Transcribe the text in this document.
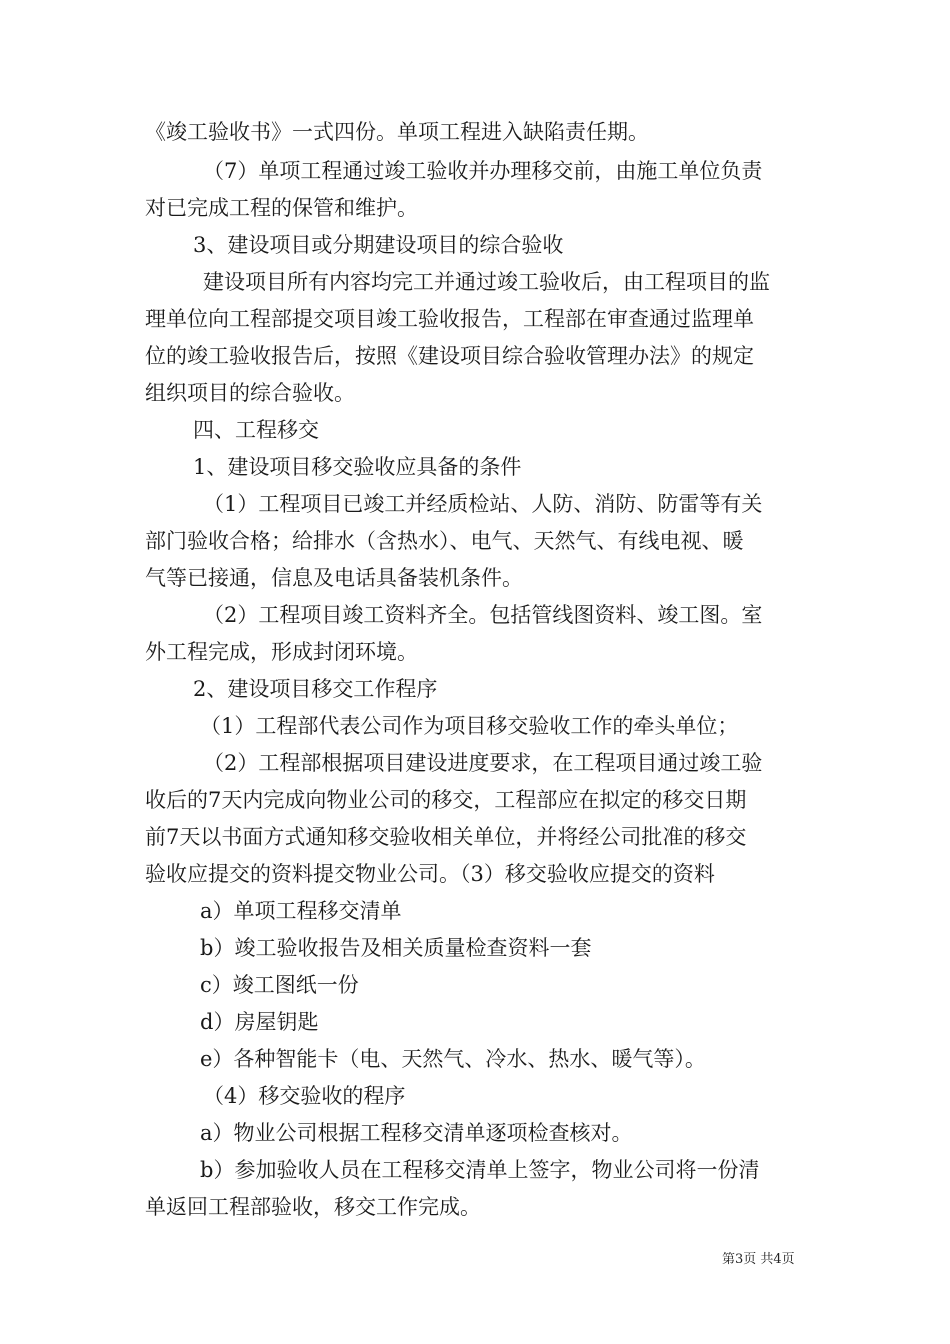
《竣工验收书》一式四份。单项工程进入缺陷责任期。
（7）单项工程通过竣工验收并办理移交前，由施工单位负责
对已完成工程的保管和维护。
3、建设项目或分期建设项目的综合验收
建设项目所有内容均完工并通过竣工验收后，由工程项目的监
理单位向工程部提交项目竣工验收报告，工程部在审查通过监理单
位的竣工验收报告后，按照《建设项目综合验收管理办法》的规定
组织项目的综合验收。
四、工程移交
1、建设项目移交验收应具备的条件
（1）工程项目已竣工并经质检站、人防、消防、防雷等有关
部门验收合格；给排水（含热水）、电气、天然气、有线电视、暖
气等已接通，信息及电话具备装机条件。
（2）工程项目竣工资料齐全。包括管线图资料、竣工图。室
外工程完成，形成封闭环境。
2、建设项目移交工作程序
（1）工程部代表公司作为项目移交验收工作的牵头单位；
（2）工程部根据项目建设进度要求，在工程项目通过竣工验
收后的7天内完成向物业公司的移交，工程部应在拟定的移交日期
前7天以书面方式通知移交验收相关单位，并将经公司批准的移交
验收应提交的资料提交物业公司。（3）移交验收应提交的资料
a）单项工程移交清单
b）竣工验收报告及相关质量检查资料一套
c）竣工图纸一份
d）房屋钥匙
e）各种智能卡（电、天然气、冷水、热水、暖气等）。
（4）移交验收的程序
a）物业公司根据工程移交清单逐项检查核对。
b）参加验收人员在工程移交清单上签字，物业公司将一份清
单返回工程部验收，移交工作完成。
第3页 共4页
